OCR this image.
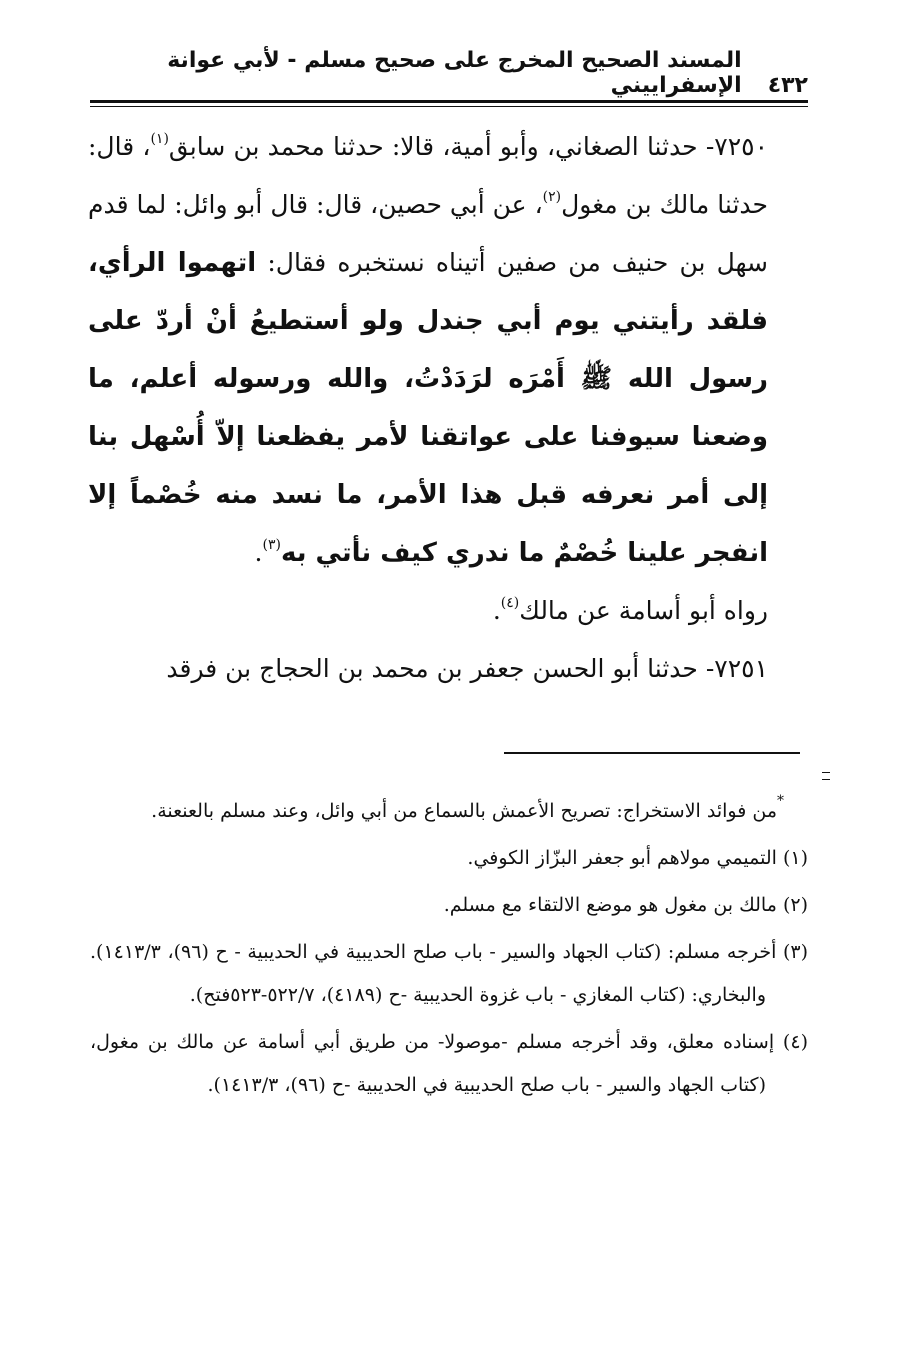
٤٣٢
المسند الصحيح المخرج على صحيح مسلم - لأبي عوانة الإسفراييني

٧٢٥٠- حدثنا الصغاني، وأبو أمية، قالا: حدثنا محمد بن سابق$^{(١)}$، قال: حدثنا مالك بن مغول$^{(٢)}$، عن أبي حصين، قال: قال أبو وائل: لما قدم سهل بن حنيف من صفين أتيناه نستخبره فقال: اتهموا الرأي، فلقد رأيتني يوم أبي جندل ولو أستطيعُ أنْ أردّ على رسول الله ﷺ أَمْرَه لرَدَدْتُ، والله ورسوله أعلم، ما وضعنا سيوفنا على عواتقنا لأمر يفظعنا إلاّ أُسْهل بنا إلى أمر نعرفه قبل هذا الأمر، ما نسد منه خُصْماً إلا انفجر علينا خُصْمٌ ما ندري كيف نأتي به$^{(٣)}$.

رواه أبو أسامة عن مالك$^{(٤)}$.

٧٢٥١- حدثنا أبو الحسن جعفر بن محمد بن الحجاج بن فرقد

*من فوائد الاستخراج: تصريح الأعمش بالسماع من أبي وائل، وعند مسلم بالعنعنة.

(١) التميمي مولاهم أبو جعفر البزّاز الكوفي.

(٢) مالك بن مغول هو موضع الالتقاء مع مسلم.

(٣) أخرجه مسلم: (كتاب الجهاد والسير - باب صلح الحديبية في الحديبية - ح (٩٦)، ١٤١٣/٣). والبخاري: (كتاب المغازي - باب غزوة الحديبية -ح (٤١٨٩)، ٥٢٢/٧-٥٢٣فتح).

(٤) إسناده معلق، وقد أخرجه مسلم -موصولا- من طريق أبي أسامة عن مالك بن مغول، (كتاب الجهاد والسير - باب صلح الحديبية في الحديبية -ح (٩٦)، ١٤١٣/٣).
